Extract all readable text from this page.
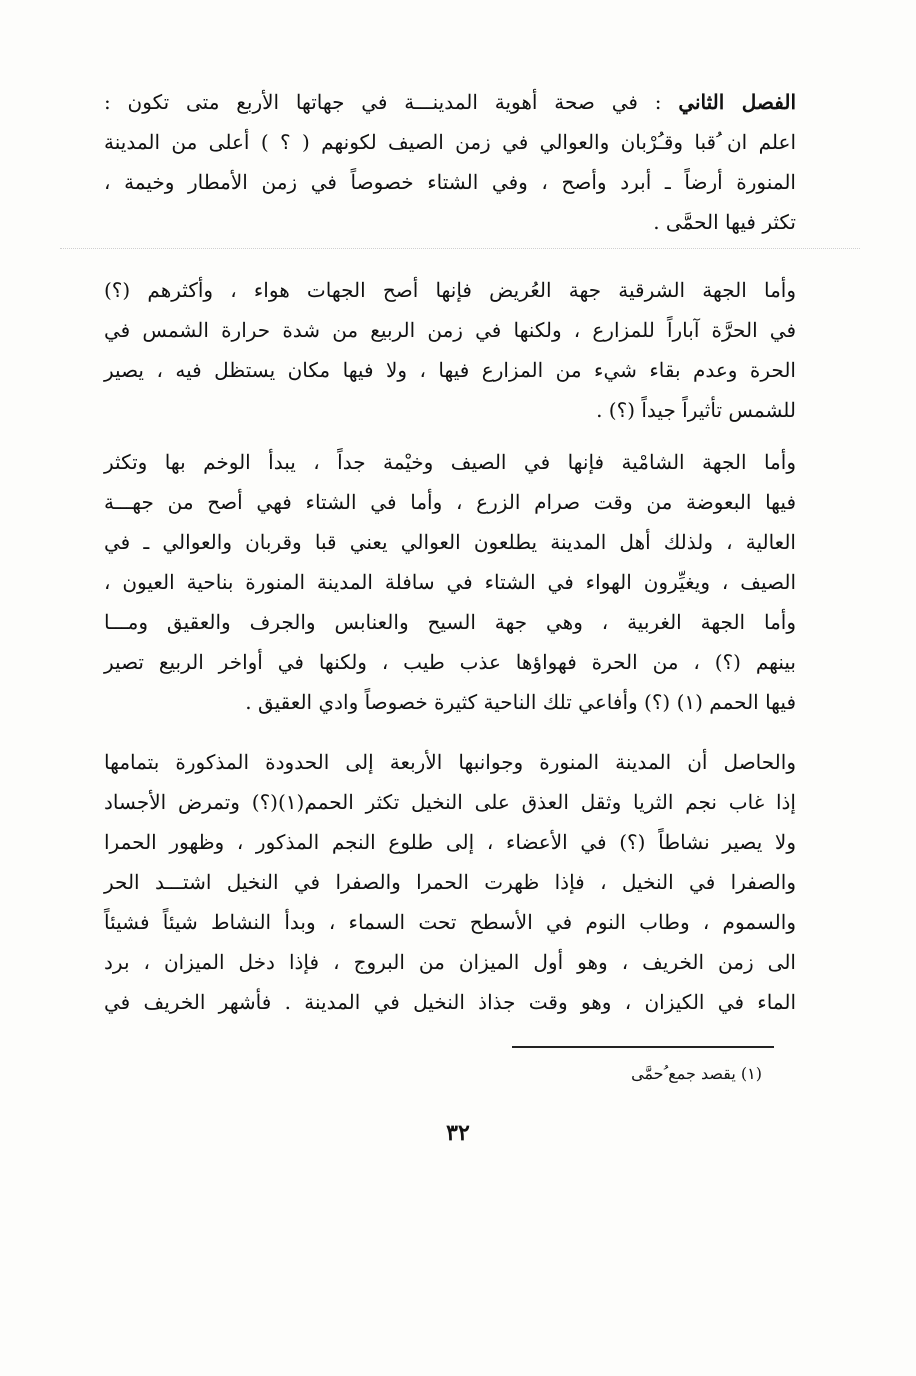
الفصل الثاني : في صحة أهوية المدينـــة في جهاتها الأربع متى تكون :
اعلم ان ُقبا وقـُرْبان والعوالي في زمن الصيف لكونهم ( ؟ ) أعلى من المدينة
المنورة أرضاً ـ أبرد وأصح ، وفي الشتاء خصوصاً في زمن الأمطار وخيمة ،
تكثر فيها الحمَّى .
وأما الجهة الشرقية جهة العُريض فإنها أصح الجهات هواء ، وأكثرهم (؟)
في الحرَّة آباراً للمزارع ، ولكنها في زمن الربيع من شدة حرارة الشمس في
الحرة وعدم بقاء شيء من المزارع فيها ، ولا فيها مكان يستظل فيه ، يصير
للشمس تأثيراً جيداً (؟) .
وأما الجهة الشامْية فإنها في الصيف وخيْمة جداً ، يبدأ الوخم بها وتكثر
فيها البعوضة من وقت صرام الزرع ، وأما في الشتاء فهي أصح من جهـــة
العالية ، ولذلك أهل المدينة يطلعون العوالي يعني قبا وقربان والعوالي ـ في
الصيف ، ويغيِّرون الهواء في الشتاء في سافلة المدينة المنورة بناحية العيون ،
وأما الجهة الغربية ، وهي جهة السيح والعنابس والجرف والعقيق ومـــا
بينهم (؟) ، من الحرة فهواؤها عذب طيب ، ولكنها في أواخر الربيع تصير
فيها الحمم (١) (؟) وأفاعي تلك الناحية كثيرة خصوصاً وادي العقيق .
والحاصل أن المدينة المنورة وجوانبها الأربعة إلى الحدودة المذكورة بتمامها
إذا غاب نجم الثريا وثقل العذق على النخيل تكثر الحمم(١)(؟) وتمرض الأجساد
ولا يصير نشاطاً (؟) في الأعضاء ، إلى طلوع النجم المذكور ، وظهور الحمرا
والصفرا في النخيل ، فإذا ظهرت الحمرا والصفرا في النخيل اشتـــد الحر
والسموم ، وطاب النوم في الأسطح تحت السماء ، وبدأ النشاط شيئاً فشيئاً
الى زمن الخريف ، وهو أول الميزان من البروج ، فإذا دخل الميزان ، برد
الماء في الكيزان ، وهو وقت جذاذ النخيل في المدينة . فأشهر الخريف في
(١) يقصد جمع ُحمَّى
٣٢
